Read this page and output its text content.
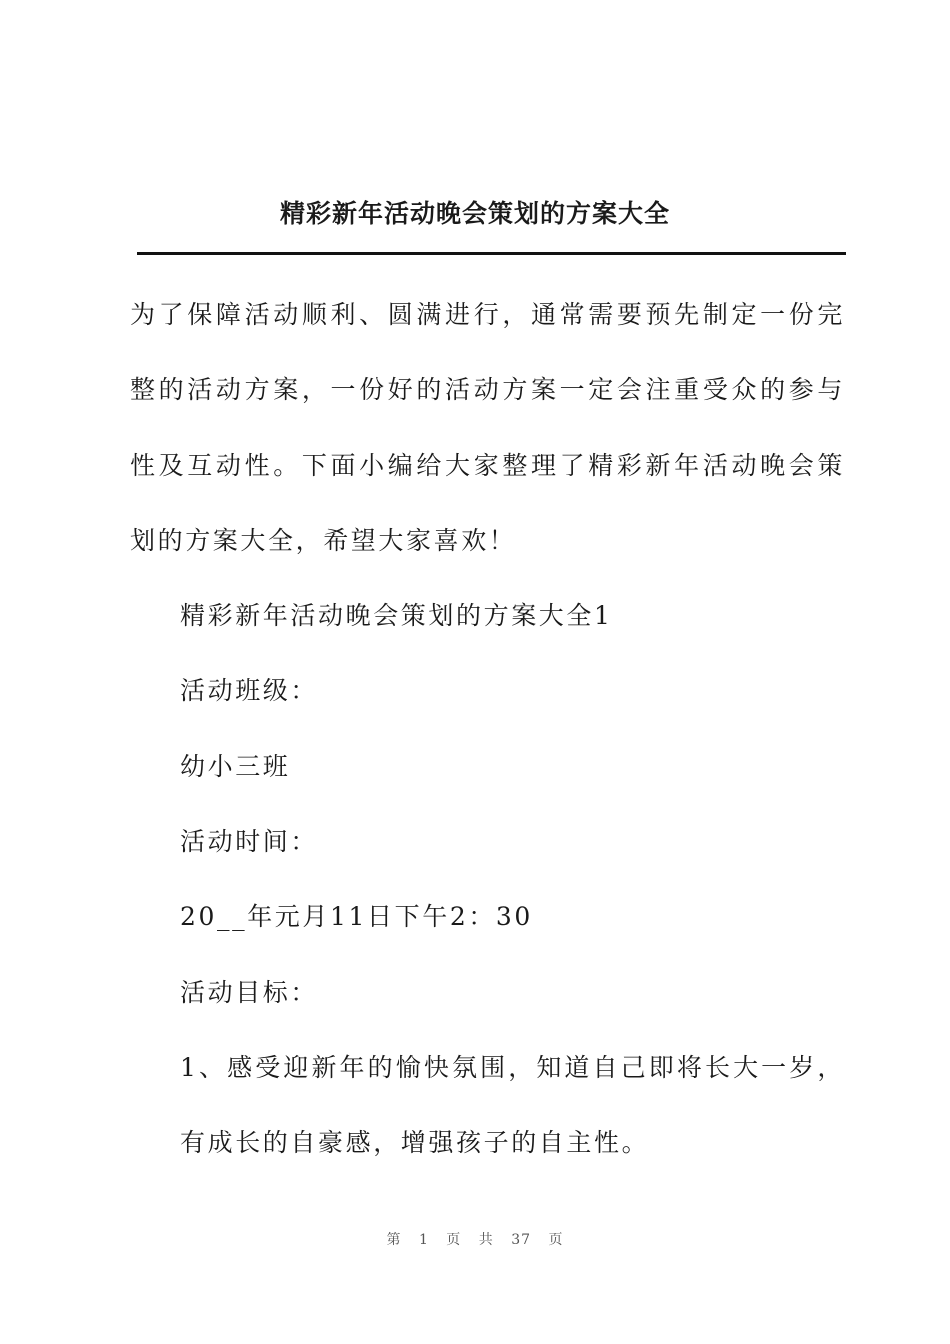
精彩新年活动晚会策划的方案大全

为了保障活动顺利、圆满进行，通常需要预先制定一份完整的活动方案，一份好的活动方案一定会注重受众的参与性及互动性。下面小编给大家整理了精彩新年活动晚会策划的方案大全，希望大家喜欢！

精彩新年活动晚会策划的方案大全1

活动班级：

幼小三班

活动时间：

20__年元月11日下午2：30

活动目标：

1、感受迎新年的愉快氛围，知道自己即将长大一岁，有成长的自豪感，增强孩子的自主性。

第 1 页 共 37 页
